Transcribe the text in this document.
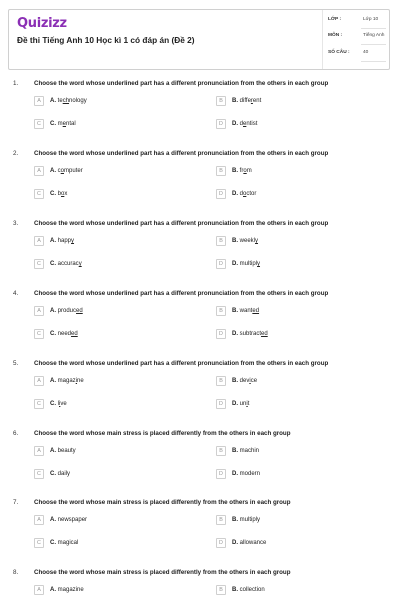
Quizizz
Đề thi Tiếng Anh 10 Học kì 1 có đáp án (Đề 2)
LỚP :	Lớp 10
MÔN :	Tiếng Anh
SỐ CÂU :	40
1.	Choose the word whose underlined part has a different pronunciation from the others in each group
A	A. technology	B	B. different
C	C. mental	D	D. dentist
2.	Choose the word whose underlined part has a different pronunciation from the others in each group
A	A. computer	B	B. from
C	C. box	D	D. doctor
3.	Choose the word whose underlined part has a different pronunciation from the others in each group
A	A. happy	B	B. weekly
C	C. accuracy	D	D. multiply
4.	Choose the word whose underlined part has a different pronunciation from the others in each group
A	A. produced	B	B. wanted
C	C. needed	D	D. subtracted
5.	Choose the word whose underlined part has a different pronunciation from the others in each group
A	A. magazine	B	B. device
C	C. live	D	D. unit
6.	Choose the word whose main stress is placed differently from the others in each group
A	A. beauty	B	B. machin
C	C. daily	D	D. modern
7.	Choose the word whose main stress is placed differently from the others in each group
A	A. newspaper	B	B. multiply
C	C. magical	D	D. allowance
8.	Choose the word whose main stress is placed differently from the others in each group
A	A. magazine	B	B. collection
